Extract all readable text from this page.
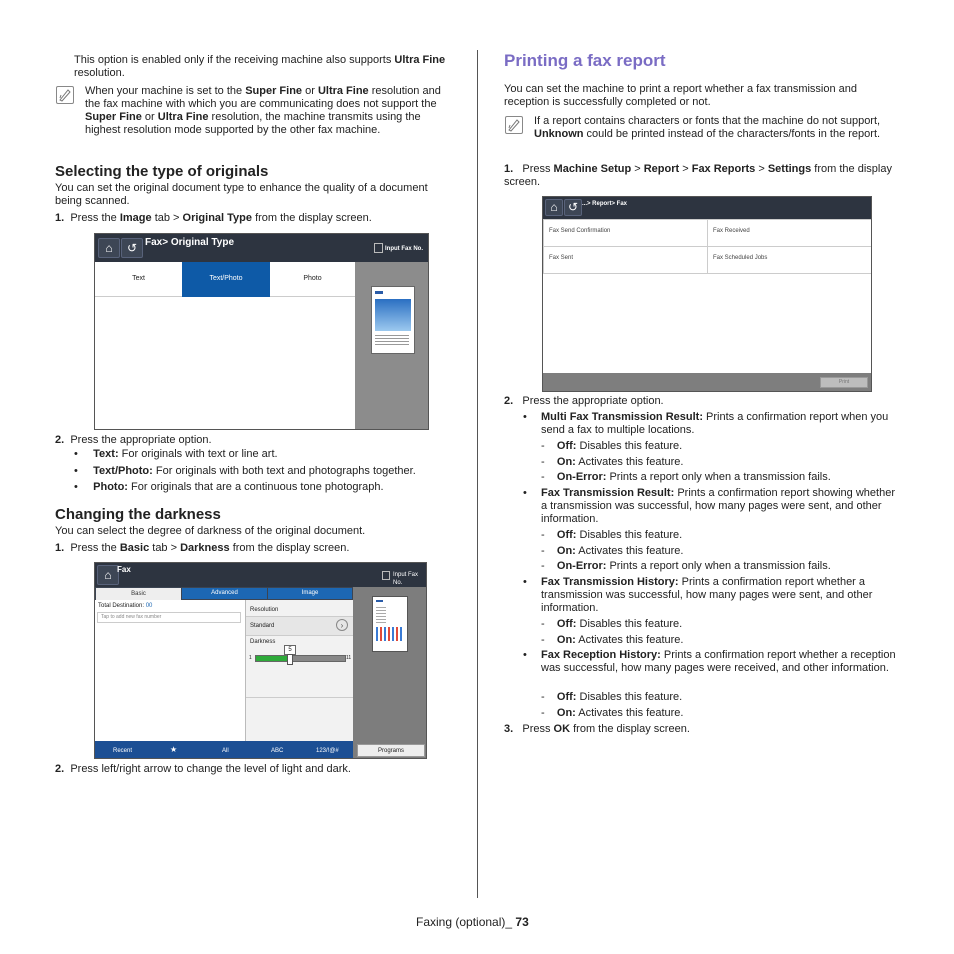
This option is enabled only if the receiving machine also supports Ultra Fine resolution.
When your machine is set to the Super Fine or Ultra Fine resolution and the fax machine with which you are communicating does not support the Super Fine or Ultra Fine resolution, the machine transmits using the highest resolution mode supported by the other fax machine.
Selecting the type of originals
You can set the original document type to enhance the quality of a document being scanned.
1. Press the Image tab > Original Type from the display screen.
⌂	↺ Fax> Original Type
Input Fax No.
Text	Text/Photo	Photo
2. Press the appropriate option.
•     Text: For originals with text or line art.
•     Text/Photo: For originals with both text and photographs together.
•     Photo: For originals that are a continuous tone photograph.
Changing the darkness
You can select the degree of darkness of the original document.
1. Press the Basic tab > Darkness from the display screen.
⌂ Fax
Input Fax No.
Basic	Advanced	Image
Total Destination: 00
Tap to add new fax number
Resolution
Standard	›
Darkness
5
1	11
Recent	★	All	ABC	123/!@#	Programs
2. Press left/right arrow to change the level of light and dark.
Printing a fax report
You can set the machine to print a report whether a fax transmission and reception is successfully completed or not.
If a report contains characters or fonts that the machine do not support, Unknown could be printed instead of the characters/fonts in the report.
1. Press Machine Setup > Report > Fax Reports > Settings from the display screen.
⌂ ↺ ...> Report> Fax
Fax Send Confirmation	Fax Received
Fax Sent	Fax Scheduled Jobs
Print
2. Press the appropriate option.
• Multi Fax Transmission Result: Prints a confirmation report when you send a fax to multiple locations.
-    Off: Disables this feature.
-    On: Activates this feature.
-    On-Error: Prints a report only when a transmission fails.
• Fax Transmission Result: Prints a confirmation report showing whether a transmission was successful, how many pages were sent, and other information.
-    Off: Disables this feature.
-    On: Activates this feature.
-    On-Error: Prints a report only when a transmission fails.
• Fax Transmission History: Prints a confirmation report whether a transmission was successful, how many pages were sent, and other information.
-    Off: Disables this feature.
-    On: Activates this feature.
• Fax Reception History: Prints a confirmation report whether a reception was successful, how many pages were received, and other information.
-    Off: Disables this feature.
-    On: Activates this feature.
3. Press OK from the display screen.
Faxing (optional)_ 73
